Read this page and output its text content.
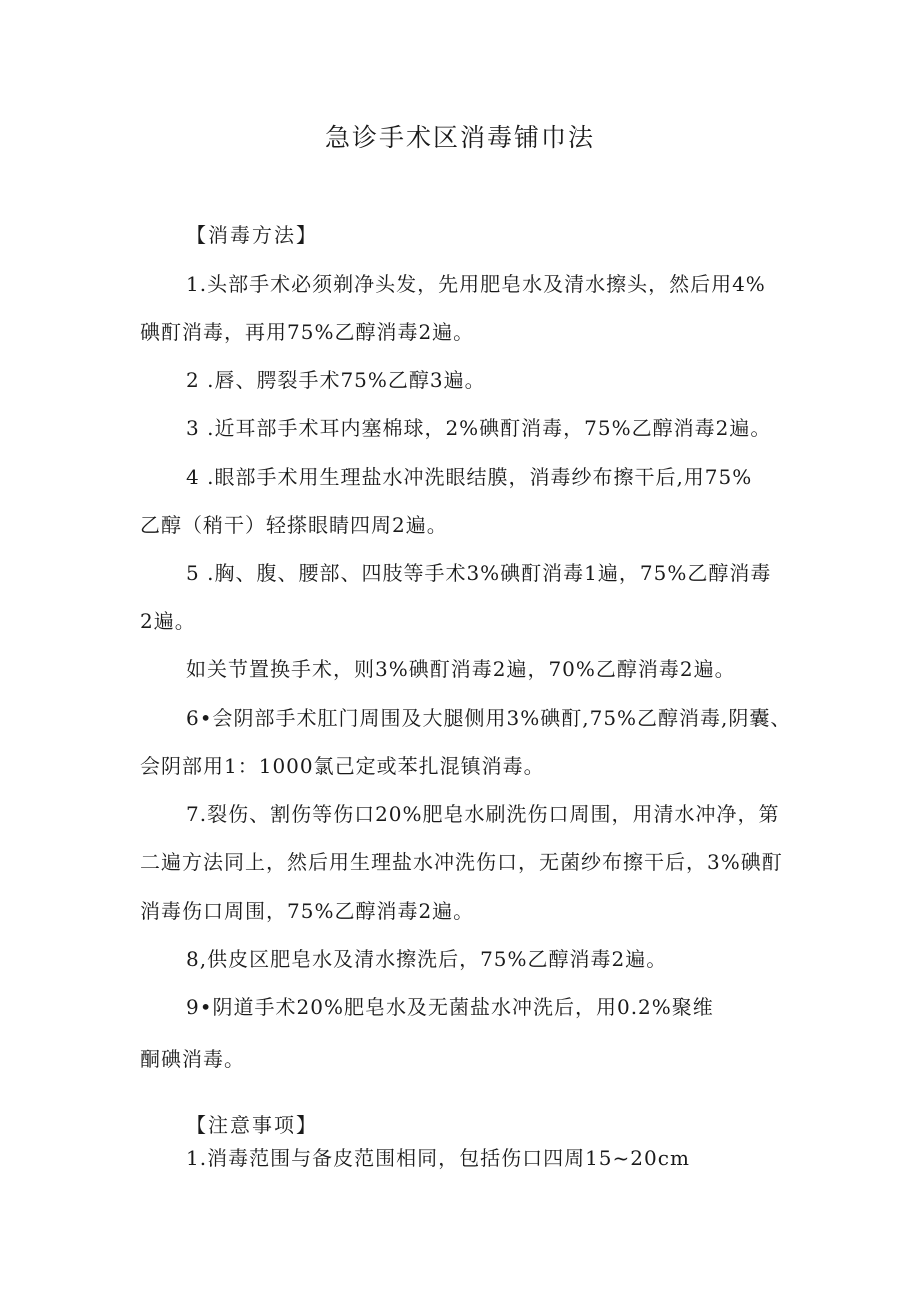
急诊手术区消毒铺巾法
【消毒方法】
1.头部手术必须剃净头发，先用肥皂水及清水擦头，然后用4%
碘酊消毒，再用75%乙醇消毒2遍。
2 .唇、腭裂手术75%乙醇3遍。
3 .近耳部手术耳内塞棉球，2%碘酊消毒，75%乙醇消毒2遍。
4 .眼部手术用生理盐水冲洗眼结膜，消毒纱布擦干后,用75%
乙醇（稍干）轻搽眼睛四周2遍。
5 .胸、腹、腰部、四肢等手术3%碘酊消毒1遍，75%乙醇消毒
2遍。
如关节置换手术，则3%碘酊消毒2遍，70%乙醇消毒2遍。
6•会阴部手术肛门周围及大腿侧用3%碘酊,75%乙醇消毒,阴囊、
会阴部用1：1000氯己定或苯扎混镇消毒。
7.裂伤、割伤等伤口20%肥皂水刷洗伤口周围，用清水冲净，第
二遍方法同上，然后用生理盐水冲洗伤口，无菌纱布擦干后，3%碘酊
消毒伤口周围，75%乙醇消毒2遍。
8,供皮区肥皂水及清水擦洗后，75%乙醇消毒2遍。
9•阴道手术20%肥皂水及无菌盐水冲洗后，用0.2%聚维
酮碘消毒。
【注意事项】
1.消毒范围与备皮范围相同，包括伤口四周15~20cm
